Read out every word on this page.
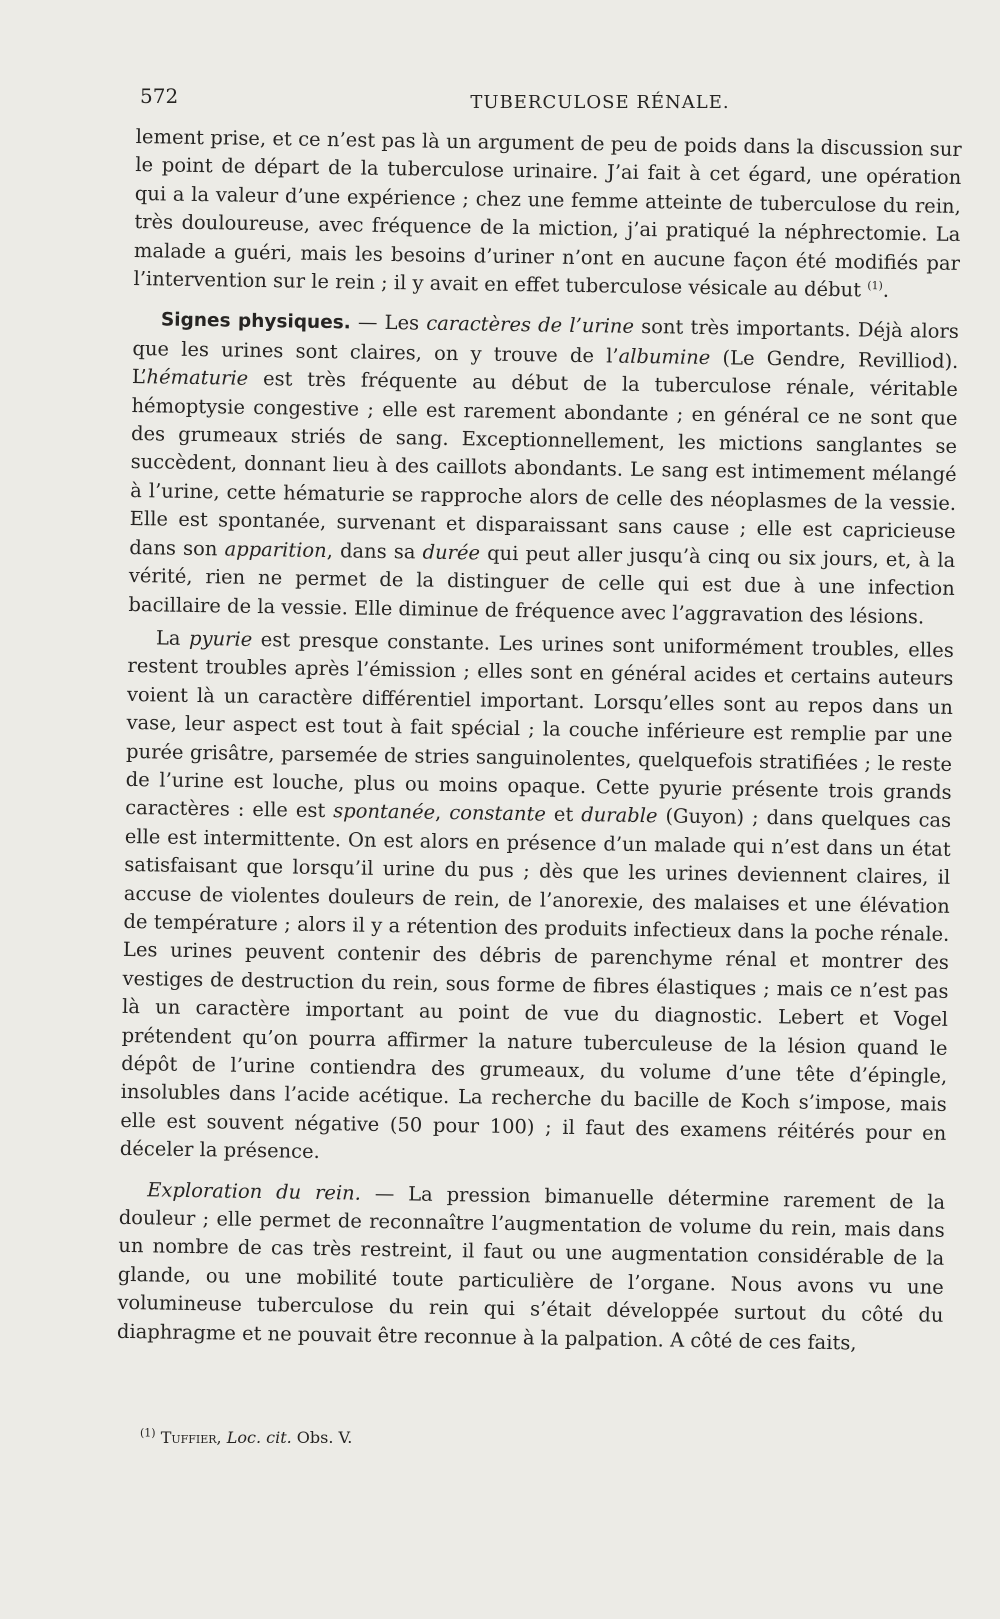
572	TUBERCULOSE RÉNALE.

lement prise, et ce n’est pas là un argument de peu de poids dans la discussion sur le point de départ de la tuberculose urinaire. J’ai fait à cet égard, une opération qui a la valeur d’une expérience ; chez une femme atteinte de tuberculose du rein, très douloureuse, avec fréquence de la miction, j’ai pratiqué la néphrectomie. La malade a guéri, mais les besoins d’uriner n’ont en aucune façon été modifiés par l’intervention sur le rein ; il y avait en effet tuberculose vésicale au début $^{(1)}$.

Signes physiques. — Les caractères de l’urine sont très importants. Déjà alors que les urines sont claires, on y trouve de l’albumine (Le Gendre, Revilliod). L’hématurie est très fréquente au début de la tuberculose rénale, véritable hémoptysie congestive ; elle est rarement abondante ; en général ce ne sont que des grumeaux striés de sang. Exceptionnellement, les mictions sanglantes se succèdent, donnant lieu à des caillots abondants. Le sang est intimement mélangé à l’urine, cette hématurie se rapproche alors de celle des néoplasmes de la vessie. Elle est spontanée, survenant et disparaissant sans cause ; elle est capricieuse dans son apparition, dans sa durée qui peut aller jusqu’à cinq ou six jours, et, à la vérité, rien ne permet de la distinguer de celle qui est due à une infection bacillaire de la vessie. Elle diminue de fréquence avec l’aggravation des lésions.

La pyurie est presque constante. Les urines sont uniformément troubles, elles restent troubles après l’émission ; elles sont en général acides et certains auteurs voient là un caractère différentiel important. Lorsqu’elles sont au repos dans un vase, leur aspect est tout à fait spécial ; la couche inférieure est remplie par une purée grisâtre, parsemée de stries sanguinolentes, quelquefois stratifiées ; le reste de l’urine est louche, plus ou moins opaque. Cette pyurie présente trois grands caractères : elle est spontanée, constante et durable (Guyon) ; dans quelques cas elle est intermittente. On est alors en présence d’un malade qui n’est dans un état satisfaisant que lorsqu’il urine du pus ; dès que les urines deviennent claires, il accuse de violentes douleurs de rein, de l’anorexie, des malaises et une élévation de température ; alors il y a rétention des produits infectieux dans la poche rénale. Les urines peuvent contenir des débris de parenchyme rénal et montrer des vestiges de destruction du rein, sous forme de fibres élastiques ; mais ce n’est pas là un caractère important au point de vue du diagnostic. Lebert et Vogel prétendent qu’on pourra affirmer la nature tuberculeuse de la lésion quand le dépôt de l’urine contiendra des grumeaux, du volume d’une tête d’épingle, insolubles dans l’acide acétique. La recherche du bacille de Koch s’impose, mais elle est souvent négative (50 pour 100) ; il faut des examens réitérés pour en déceler la présence.

Exploration du rein. — La pression bimanuelle détermine rarement de la douleur ; elle permet de reconnaître l’augmentation de volume du rein, mais dans un nombre de cas très restreint, il faut ou une augmentation considérable de la glande, ou une mobilité toute particulière de l’organe. Nous avons vu une volumineuse tuberculose du rein qui s’était développée surtout du côté du diaphragme et ne pouvait être reconnue à la palpation. A côté de ces faits,

$^{(1)}$ Tuffier, Loc. cit. Obs. V.
